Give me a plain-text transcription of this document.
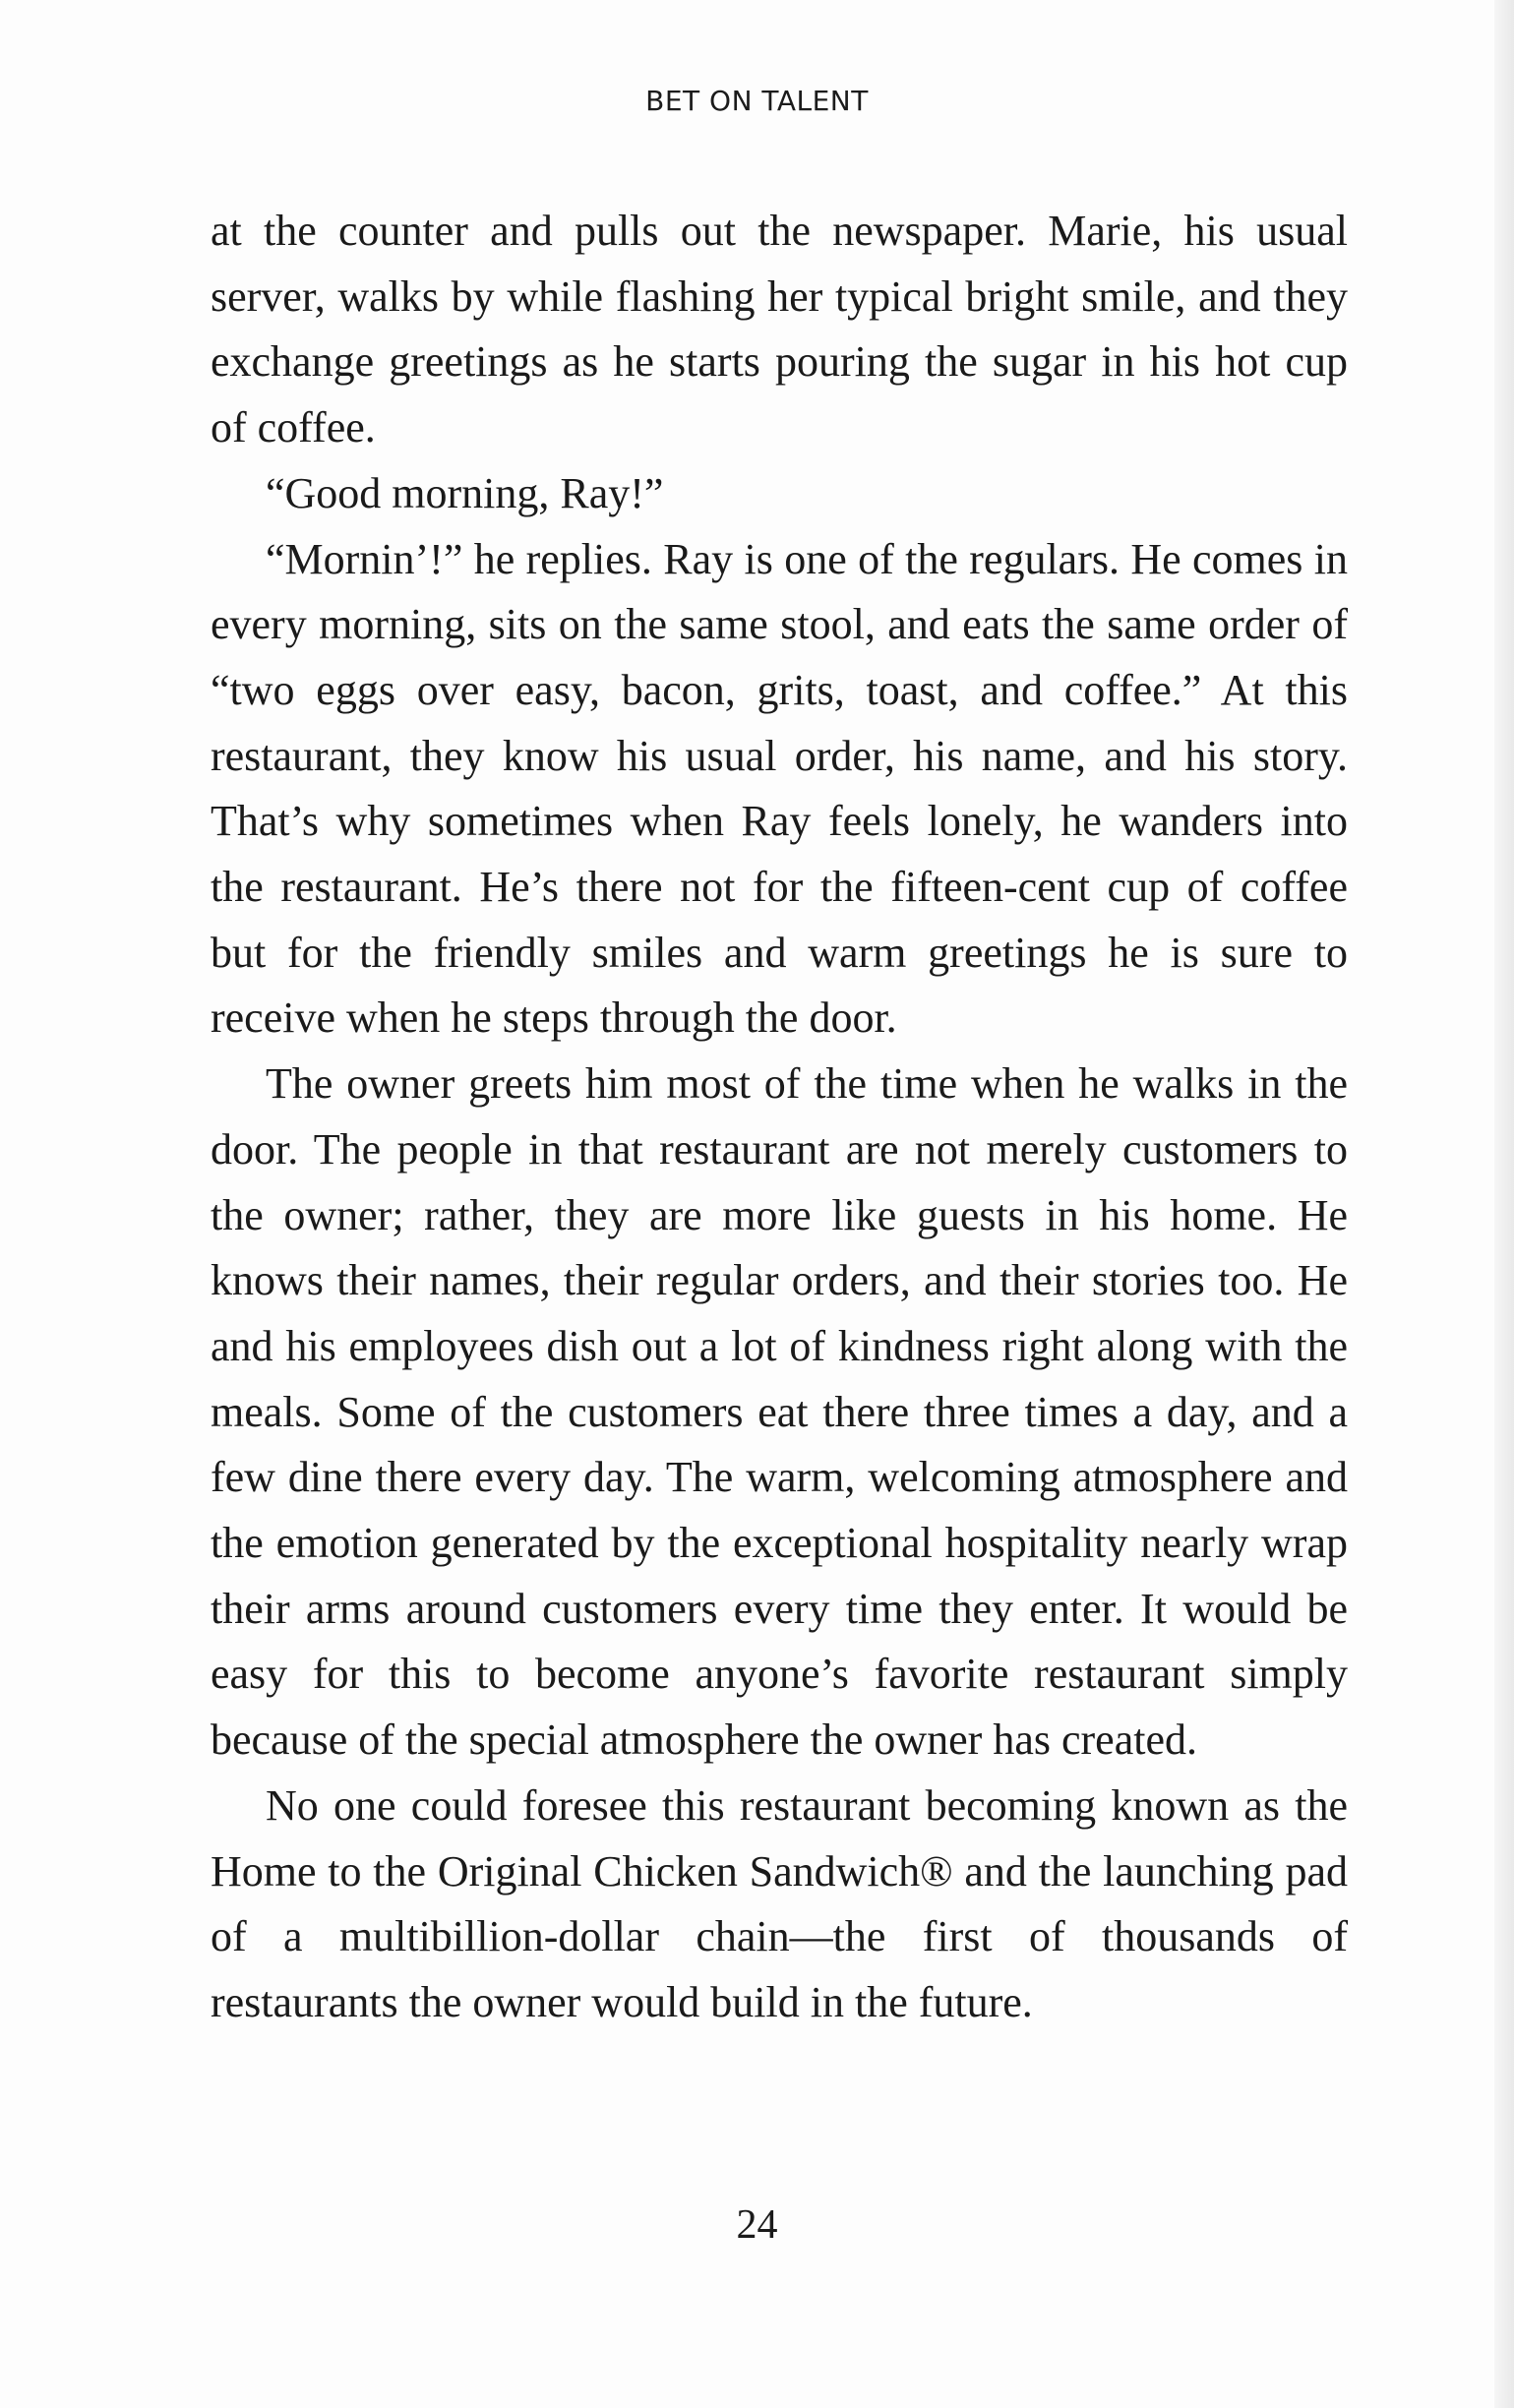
BET ON TALENT

at the counter and pulls out the newspaper. Marie, his usual server, walks by while flashing her typical bright smile, and they exchange greetings as he starts pouring the sugar in his hot cup of coffee.

“Good morning, Ray!”

“Mornin’!” he replies. Ray is one of the regulars. He comes in every morning, sits on the same stool, and eats the same order of “two eggs over easy, bacon, grits, toast, and coffee.” At this restaurant, they know his usual order, his name, and his story. That’s why sometimes when Ray feels lonely, he wanders into the restaurant. He’s there not for the fifteen-cent cup of coffee but for the friendly smiles and warm greetings he is sure to receive when he steps through the door.

The owner greets him most of the time when he walks in the door. The people in that restaurant are not merely customers to the owner; rather, they are more like guests in his home. He knows their names, their regular orders, and their stories too. He and his employees dish out a lot of kindness right along with the meals. Some of the customers eat there three times a day, and a few dine there every day. The warm, welcoming atmosphere and the emotion generated by the exceptional hospitality nearly wrap their arms around customers every time they enter. It would be easy for this to become anyone’s favorite restaurant simply because of the special atmosphere the owner has created.

No one could foresee this restaurant becoming known as the Home to the Original Chicken Sandwich® and the launching pad of a multibillion-dollar chain—the first of thousands of restaurants the owner would build in the future.

24
